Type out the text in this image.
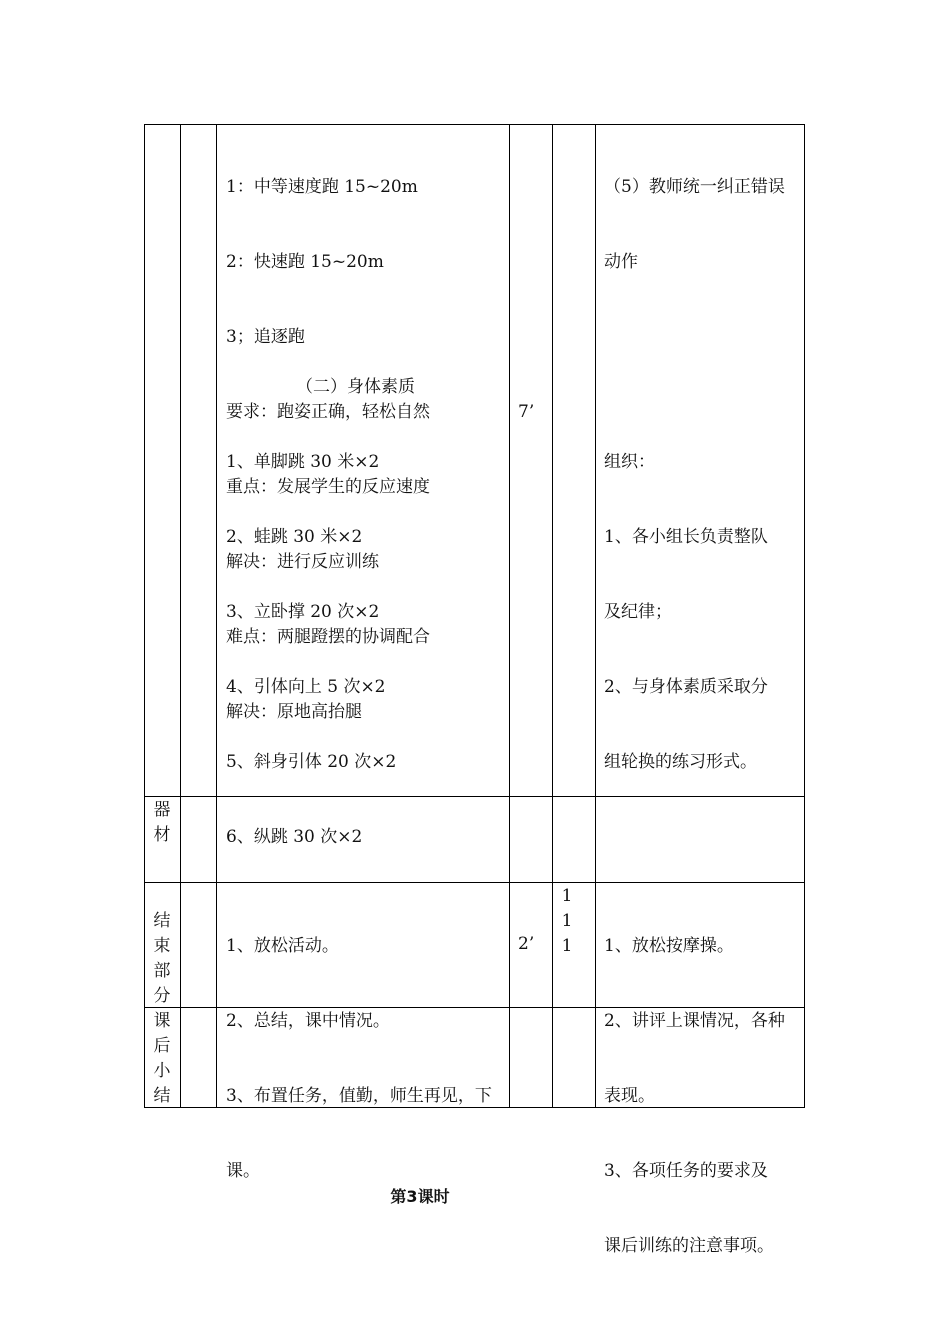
1：中等速度跑 15~20m

2：快速跑 15~20m

3；追逐跑

要求：跑姿正确，轻松自然

重点：发展学生的反应速度

解决：进行反应训练

难点：两腿蹬摆的协调配合

解决：原地高抬腿

（二）身体素质

1、单脚跳 30 米×2

2、蛙跳 30 米×2

3、立卧撑 20 次×2

4、引体向上 5 次×2

5、斜身引体 20 次×2

6、纵跳 30 次×2

7’

（5）教师统一纠正错误

动作

组织：

1、各小组长负责整队

及纪律；

2、与身体素质采取分

组轮换的练习形式。

器
材
结
束
部
分

1、放松活动。

2、总结，课中情况。

3、布置任务，值勤，师生再见，下

课。

2’
1
1
1

1、放松按摩操。

2、讲评上课情况，各种

表现。

3、各项任务的要求及

课后训练的注意事项。

课
后
小
结
第3课时
